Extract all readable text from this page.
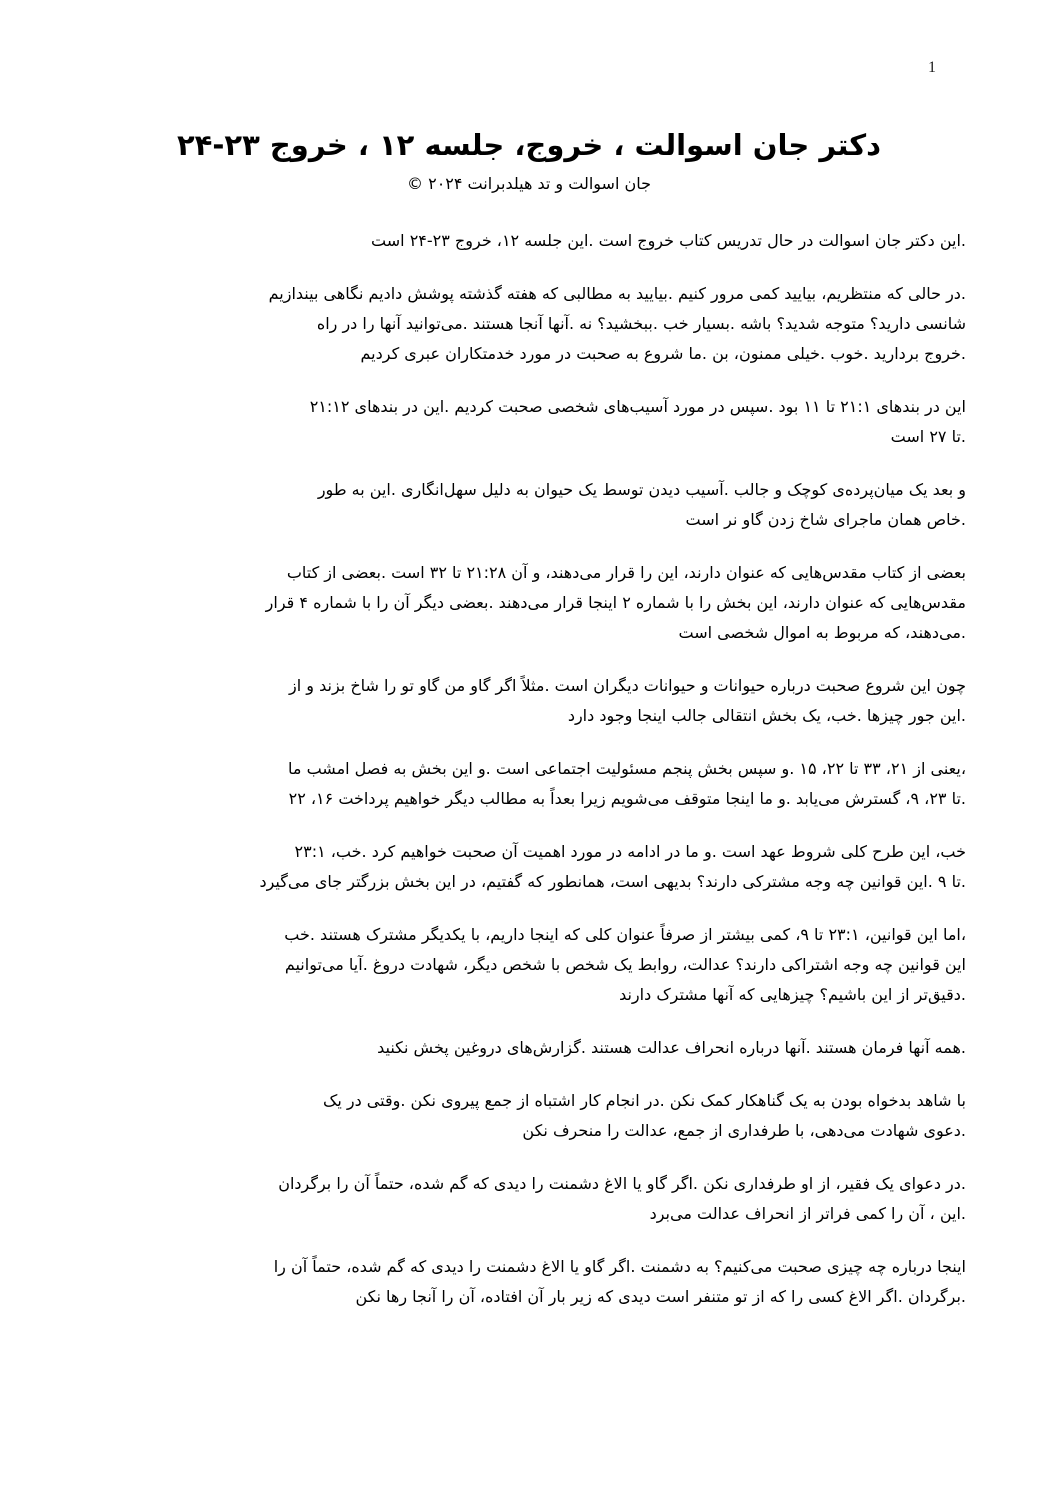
1
دکتر جان اسوالت ، خروج، جلسه ۱۲ ، خروج ۲۳-۲۴
جان اسوالت و تد هیلدبرانت ۲۰۲۴ ©

.این دکتر جان اسوالت در حال تدریس کتاب خروج است .این جلسه ۱۲، خروج ۲۳-۲۴ است

.در حالی که منتظریم، بیایید کمی مرور کنیم .بیایید به مطالبی که هفته گذشته پوشش دادیم نگاهی بیندازیم
شانسی دارید؟ متوجه شدید؟ باشه .بسیار خب .ببخشید؟ نه .آنها آنجا هستند .می‌توانید آنها را در راه
.خروج بردارید .خوب .خیلی ممنون، بن .ما شروع به صحبت در مورد خدمتکاران عبری کردیم

این در بندهای ۲۱:۱ تا ۱۱ بود .سپس در مورد آسیب‌های شخصی صحبت کردیم .این در بندهای ۲۱:۱۲
.تا ۲۷ است

و بعد یک میان‌پرده‌ی کوچک و جالب .آسیب دیدن توسط یک حیوان به دلیل سهل‌انگاری .این به طور
.خاص همان ماجرای شاخ زدن گاو نر است

بعضی از کتاب مقدس‌هایی که عنوان دارند، این را قرار می‌دهند، و آن ۲۱:۲۸ تا ۳۲ است .بعضی از کتاب
مقدس‌هایی که عنوان دارند، این بخش را با شماره ۲ اینجا قرار می‌دهند .بعضی دیگر آن را با شماره ۴ قرار
.می‌دهند، که مربوط به اموال شخصی است

چون این شروع صحبت درباره حیوانات و حیوانات دیگران است .مثلاً اگر گاو من گاو تو را شاخ بزند و از
.این جور چیزها .خب، یک بخش انتقالی جالب اینجا وجود دارد

،یعنی از ۲۱، ۳۳ تا ۲۲، ۱۵ .و سپس بخش پنجم مسئولیت اجتماعی است .و این بخش به فصل امشب ما
.تا ۲۳، ۹، گسترش می‌یابد .و ما اینجا متوقف می‌شویم زیرا بعداً به مطالب دیگر خواهیم پرداخت ۱۶، ۲۲

خب، این طرح کلی شروط عهد است .و ما در ادامه در مورد اهمیت آن صحبت خواهیم کرد .خب، ۲۳:۱
.تا ۹ .این قوانین چه وجه مشترکی دارند؟ بدیهی است، همانطور که گفتیم، در این بخش بزرگتر جای می‌گیرد

،اما این قوانین، ۲۳:۱ تا ۹، کمی بیشتر از صرفاً عنوان کلی که اینجا داریم، با یکدیگر مشترک هستند .خب
این قوانین چه وجه اشتراکی دارند؟ عدالت، روابط یک شخص با شخص دیگر، شهادت دروغ .آیا می‌توانیم
.دقیق‌تر از این باشیم؟ چیزهایی که آنها مشترک دارند

.همه آنها فرمان هستند .آنها درباره انحراف عدالت هستند .گزارش‌های دروغین پخش نکنید

با شاهد بدخواه بودن به یک گناهکار کمک نکن .در انجام کار اشتباه از جمع پیروی نکن .وقتی در یک
.دعوی شهادت می‌دهی، با طرفداری از جمع، عدالت را منحرف نکن

.در دعوای یک فقیر، از او طرفداری نکن .اگر گاو یا الاغ دشمنت را دیدی که گم شده، حتماً آن را برگردان
.این ، آن را کمی فراتر از انحراف عدالت می‌برد

اینجا درباره چه چیزی صحبت می‌کنیم؟ به دشمنت .اگر گاو یا الاغ دشمنت را دیدی که گم شده، حتماً آن را
.برگردان .اگر الاغ کسی را که از تو متنفر است دیدی که زیر بار آن افتاده، آن را آنجا رها نکن
